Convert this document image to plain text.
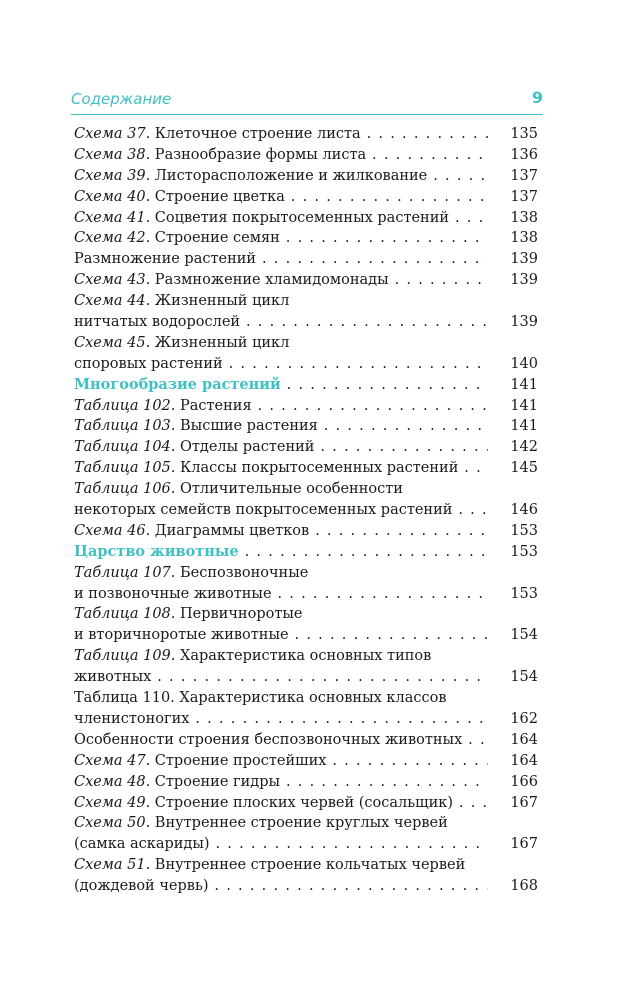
Содержание	9
Схема 37. Клеточное строение листа . . .	135
Схема 38. Разнообразие формы листа . . .	136
Схема 39. Листорасположение и жилкование . . .	137
Схема 40. Строение цветка . . .	137
Схема 41. Соцветия покрытосеменных растений . . .	138
Схема 42. Строение семян . . .	138
Размножение растений . . .	139
Схема 43. Размножение хламидомонады . . .	139
Схема 44. Жизненный цикл
нитчатых водорослей . . .	139
Схема 45. Жизненный цикл
споровых растений . . .	140
Многообразие растений . . .	141
Таблица 102. Растения . . .	141
Таблица 103. Высшие растения . . .	141
Таблица 104. Отделы растений . . .	142
Таблица 105. Классы покрытосеменных растений . . .	145
Таблица 106. Отличительные особенности
некоторых семейств покрытосеменных растений . . .	146
Схема 46. Диаграммы цветков . . .	153
Царство животные . . .	153
Таблица 107. Беспозвоночные
и позвоночные животные . . .	153
Таблица 108. Первичноротые
и вторичноротые животные . . .	154
Таблица 109. Характеристика основных типов
животных . . .	154
Таблица 110. Характеристика основных классов
членистоногих . . .	162
Особенности строения беспозвоночных животных . . .	164
Схема 47. Строение простейших . . .	164
Схема 48. Строение гидры . . .	166
Схема 49. Строение плоских червей (сосальщик) . . .	167
Схема 50. Внутреннее строение круглых червей
(самка аскариды) . . .	167
Схема 51. Внутреннее строение кольчатых червей
(дождевой червь) . . .	168
